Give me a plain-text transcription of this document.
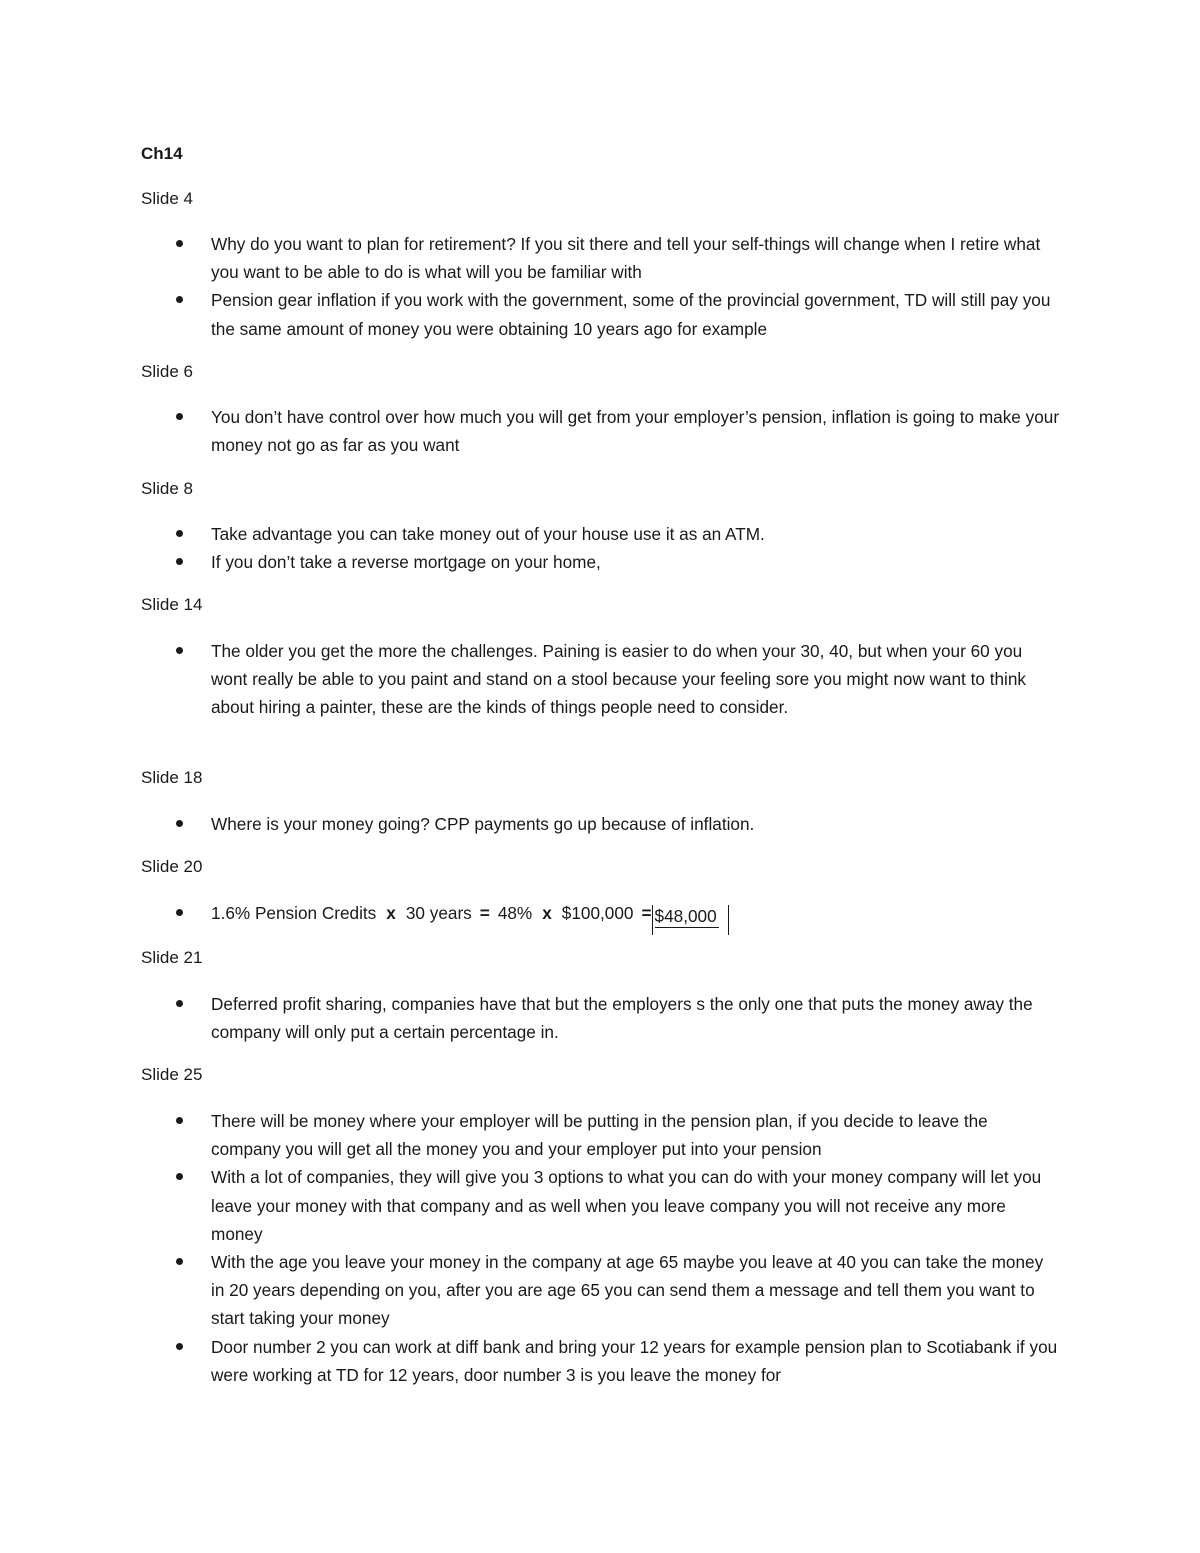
Ch14
Slide 4
Why do you want to plan for retirement? If you sit there and tell your self-things will change when I retire what you want to be able to do is what will you be familiar with
Pension gear inflation if you work with the government, some of the provincial government, TD will still pay you the same amount of money you were obtaining 10 years ago for example
Slide 6
You don’t have control over how much you will get from your employer’s pension, inflation is going to make your money not go as far as you want
Slide 8
Take advantage you can take money out of your house use it as an ATM.
If you don’t take a reverse mortgage on your home,
Slide 14
The older you get the more the challenges. Paining is easier to do when your 30, 40, but when your 60 you wont really be able to you paint and stand on a stool because your feeling sore you might now want to think about hiring a painter, these are the kinds of things people need to consider.
Slide 18
Where is your money going? CPP payments go up because of inflation.
Slide 20
1.6% Pension Credits x 30 years = 48% x $100,000 = $48,000
Slide 21
Deferred profit sharing, companies have that but the employers s the only one that puts the money away the company will only put a certain percentage in.
Slide 25
There will be money where your employer will be putting in the pension plan, if you decide to leave the company you will get all the money you and your employer put into your pension
With a lot of companies, they will give you 3 options to what you can do with your money company will let you leave your money with that company and as well when you leave company you will not receive any more money
With the age you leave your money in the company at age 65 maybe you leave at 40 you can take the money in 20 years depending on you, after you are age 65 you can send them a message and tell them you want to start taking your money
Door number 2 you can work at diff bank and bring your 12 years for example pension plan to Scotiabank if you were working at TD for 12 years, door number 3 is you leave the money for
